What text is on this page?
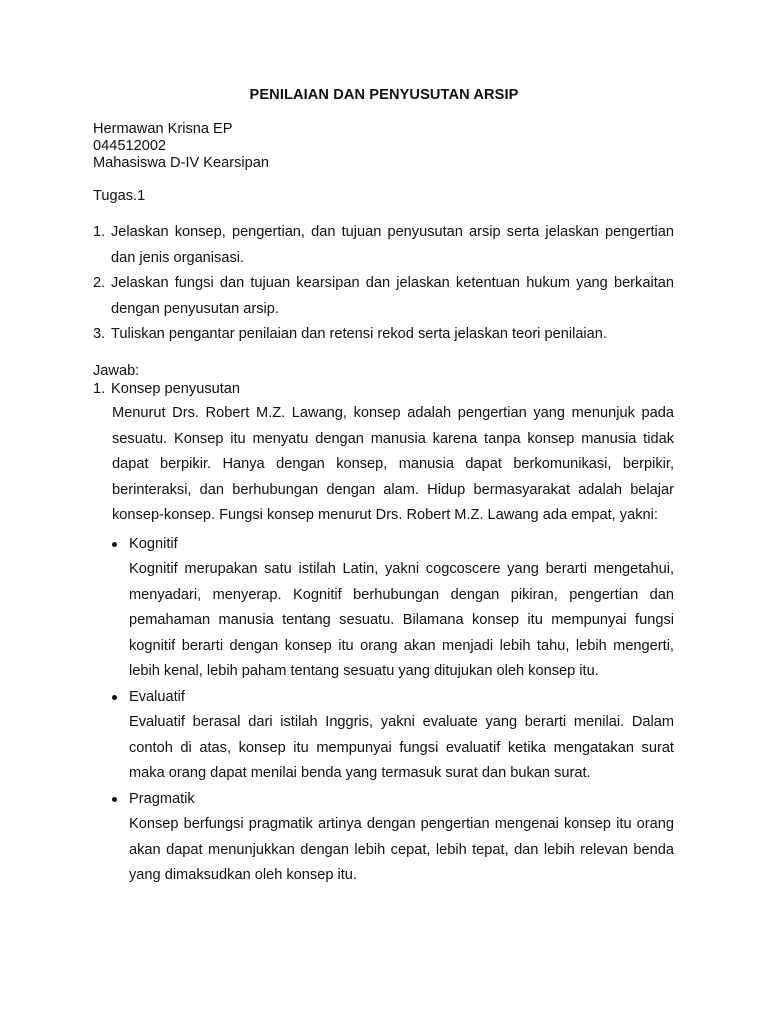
PENILAIAN DAN PENYUSUTAN ARSIP
Hermawan Krisna EP
044512002
Mahasiswa D-IV Kearsipan
Tugas.1
1. Jelaskan konsep, pengertian, dan tujuan penyusutan arsip serta jelaskan pengertian dan jenis organisasi.
2. Jelaskan fungsi dan tujuan kearsipan dan jelaskan ketentuan hukum yang berkaitan dengan penyusutan arsip.
3. Tuliskan pengantar penilaian dan retensi rekod serta jelaskan teori penilaian.
Jawab:
1. Konsep penyusutan
Menurut Drs. Robert M.Z. Lawang, konsep adalah pengertian yang menunjuk pada sesuatu. Konsep itu menyatu dengan manusia karena tanpa konsep manusia tidak dapat berpikir. Hanya dengan konsep, manusia dapat berkomunikasi, berpikir, berinteraksi, dan berhubungan dengan alam. Hidup bermasyarakat adalah belajar konsep-konsep. Fungsi konsep menurut Drs. Robert M.Z. Lawang ada empat, yakni:
Kognitif
Kognitif merupakan satu istilah Latin, yakni cogcoscere yang berarti mengetahui, menyadari, menyerap. Kognitif berhubungan dengan pikiran, pengertian dan pemahaman manusia tentang sesuatu. Bilamana konsep itu mempunyai fungsi kognitif berarti dengan konsep itu orang akan menjadi lebih tahu, lebih mengerti, lebih kenal, lebih paham tentang sesuatu yang ditujukan oleh konsep itu.
Evaluatif
Evaluatif berasal dari istilah Inggris, yakni evaluate yang berarti menilai. Dalam contoh di atas, konsep itu mempunyai fungsi evaluatif ketika mengatakan surat maka orang dapat menilai benda yang termasuk surat dan bukan surat.
Pragmatik
Konsep berfungsi pragmatik artinya dengan pengertian mengenai konsep itu orang akan dapat menunjukkan dengan lebih cepat, lebih tepat, dan lebih relevan benda yang dimaksudkan oleh konsep itu.
